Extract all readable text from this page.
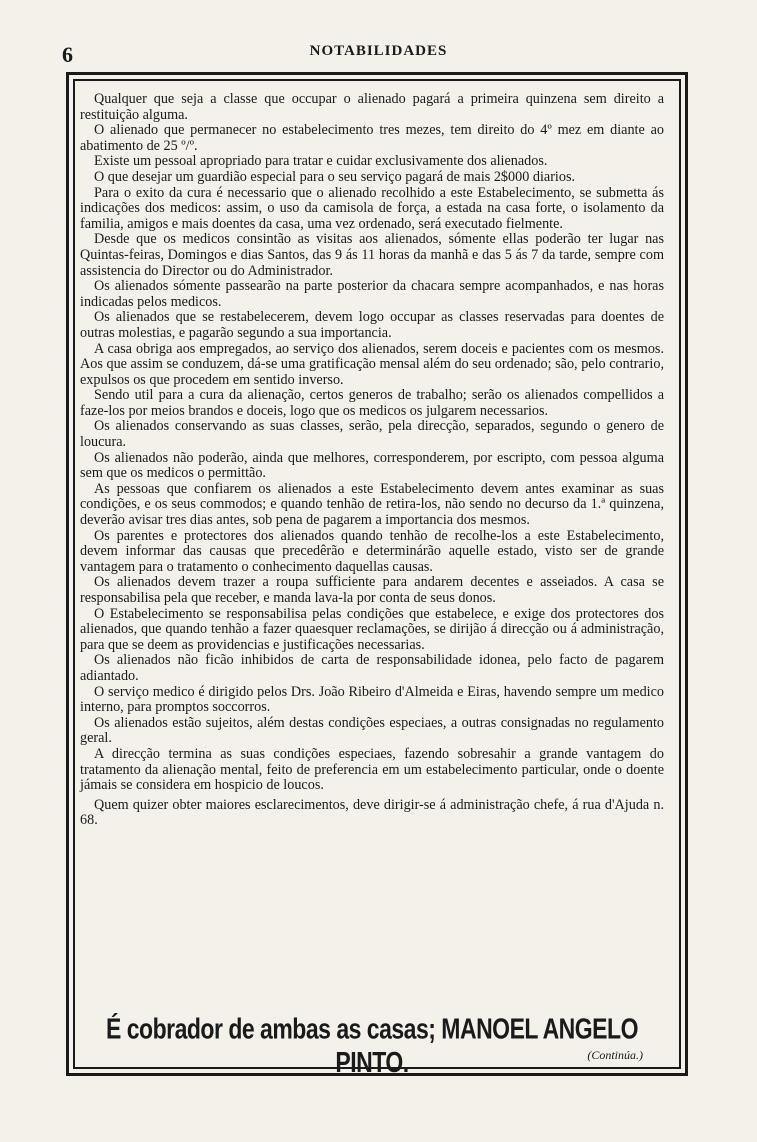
6	NOTABILIDADES

Qualquer que seja a classe que occupar o alienado pagará a primeira quinzena sem direito a restituição alguma.

O alienado que permanecer no estabelecimento tres mezes, tem direito do 4º mez em diante ao abatimento de 25 º/º.

Existe um pessoal apropriado para tratar e cuidar exclusivamente dos alienados.

O que desejar um guardião especial para o seu serviço pagará de mais 2$000 diarios.

Para o exito da cura é necessario que o alienado recolhido a este Estabelecimento, se submetta ás indicações dos medicos: assim, o uso da camisola de força, a estada na casa forte, o isolamento da familia, amigos e mais doentes da casa, uma vez ordenado, será executado fielmente.

Desde que os medicos consintão as visitas aos alienados, sómente ellas poderão ter lugar nas Quintas-feiras, Domingos e dias Santos, das 9 ás 11 horas da manhã e das 5 ás 7 da tarde, sempre com assistencia do Director ou do Administrador.

Os alienados sómente passearão na parte posterior da chacara sempre acompanhados, e nas horas indicadas pelos medicos.

Os alienados que se restabelecerem, devem logo occupar as classes reservadas para doentes de outras molestias, e pagarão segundo a sua importancia.

A casa obriga aos empregados, ao serviço dos alienados, serem doceis e pacientes com os mesmos. Aos que assim se conduzem, dá-se uma gratificação mensal além do seu ordenado; são, pelo contrario, expulsos os que procedem em sentido inverso.

Sendo util para a cura da alienação, certos generos de trabalho; serão os alienados compellidos a faze-los por meios brandos e doceis, logo que os medicos os julgarem necessarios.

Os alienados conservando as suas classes, serão, pela direcção, separados, segundo o genero de loucura.

Os alienados não poderão, ainda que melhores, corresponderem, por escripto, com pessoa alguma sem que os medicos o permittão.

As pessoas que confiarem os alienados a este Estabelecimento devem antes examinar as suas condições, e os seus commodos; e quando tenhão de retira-los, não sendo no decurso da 1.ª quinzena, deverão avisar tres dias antes, sob pena de pagarem a importancia dos mesmos.

Os parentes e protectores dos alienados quando tenhão de recolhe-los a este Estabelecimento, devem informar das causas que precedêrão e determinárão aquelle estado, visto ser de grande vantagem para o tratamento o conhecimento daquellas causas.

Os alienados devem trazer a roupa sufficiente para andarem decentes e asseiados. A casa se responsabilisa pela que receber, e manda lava-la por conta de seus donos.

O Estabelecimento se responsabilisa pelas condições que estabelece, e exige dos protectores dos alienados, que quando tenhão a fazer quaesquer reclamações, se dirijão á direcção ou á administração, para que se deem as providencias e justificações necessarias.

Os alienados não ficão inhibidos de carta de responsabilidade idonea, pelo facto de pagarem adiantado.

O serviço medico é dirigido pelos Drs. João Ribeiro d'Almeida e Eiras, havendo sempre um medico interno, para promptos soccorros.

Os alienados estão sujeitos, além destas condições especiaes, a outras consignadas no regulamento geral.

A direcção termina as suas condições especiaes, fazendo sobresahir a grande vantagem do tratamento da alienação mental, feito de preferencia em um estabelecimento particular, onde o doente jámais se considera em hospicio de loucos.

Quem quizer obter maiores esclarecimentos, deve dirigir-se á administração chefe, á rua d'Ajuda n. 68.

É cobrador de ambas as casas; MANOEL ANGELO PINTO.	(Continúa.)
